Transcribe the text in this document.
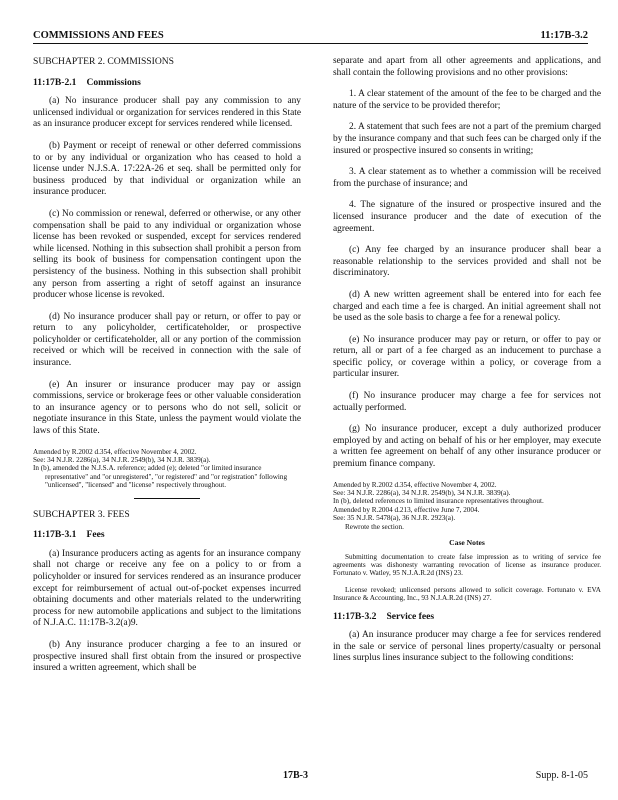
COMMISSIONS AND FEES	11:17B-3.2

SUBCHAPTER 2. COMMISSIONS

11:17B-2.1 Commissions

(a) No insurance producer shall pay any commission to any unlicensed individual or organization for services rendered in this State as an insurance producer except for services rendered while licensed.

(b) Payment or receipt of renewal or other deferred commissions to or by any individual or organization who has ceased to hold a license under N.J.S.A. 17:22A-26 et seq. shall be permitted only for business produced by that individual or organization while an insurance producer.

(c) No commission or renewal, deferred or otherwise, or any other compensation shall be paid to any individual or organization whose license has been revoked or suspended, except for services rendered while licensed. Nothing in this subsection shall prohibit a person from selling its book of business for compensation contingent upon the persistency of the business. Nothing in this subsection shall prohibit any person from asserting a right of setoff against an insurance producer whose license is revoked.

(d) No insurance producer shall pay or return, or offer to pay or return to any policyholder, certificateholder, or prospective policyholder or certificateholder, all or any portion of the commission received or which will be received in connection with the sale of insurance.

(e) An insurer or insurance producer may pay or assign commissions, service or brokerage fees or other valuable consideration to an insurance agency or to persons who do not sell, solicit or negotiate insurance in this State, unless the payment would violate the laws of this State.

Amended by R.2002 d.354, effective November 4, 2002.

See: 34 N.J.R. 2286(a), 34 N.J.R. 2549(b), 34 N.J.R. 3839(a).

In (b), amended the N.J.S.A. reference; added (e); deleted "or limited insurance representative" and "or unregistered", "or registered" and "or registration" following "unlicensed", "licensed" and "license" respectively throughout.

SUBCHAPTER 3. FEES

11:17B-3.1 Fees

(a) Insurance producers acting as agents for an insurance company shall not charge or receive any fee on a policy to or from a policyholder or insured for services rendered as an insurance producer except for reimbursement of actual out-of-pocket expenses incurred obtaining documents and other materials related to the underwriting process for new automobile applications and subject to the limitations of N.J.A.C. 11:17B-3.2(a)9.

(b) Any insurance producer charging a fee to an insured or prospective insured shall first obtain from the insured or prospective insured a written agreement, which shall be

separate and apart from all other agreements and applications, and shall contain the following provisions and no other provisions:

1. A clear statement of the amount of the fee to be charged and the nature of the service to be provided therefor;

2. A statement that such fees are not a part of the premium charged by the insurance company and that such fees can be charged only if the insured or prospective insured so consents in writing;

3. A clear statement as to whether a commission will be received from the purchase of insurance; and

4. The signature of the insured or prospective insured and the licensed insurance producer and the date of execution of the agreement.

(c) Any fee charged by an insurance producer shall bear a reasonable relationship to the services provided and shall not be discriminatory.

(d) A new written agreement shall be entered into for each fee charged and each time a fee is charged. An initial agreement shall not be used as the sole basis to charge a fee for a renewal policy.

(e) No insurance producer may pay or return, or offer to pay or return, all or part of a fee charged as an inducement to purchase a specific policy, or coverage within a policy, or coverage from a particular insurer.

(f) No insurance producer may charge a fee for services not actually performed.

(g) No insurance producer, except a duly authorized producer employed by and acting on behalf of his or her employer, may execute a written fee agreement on behalf of any other insurance producer or premium finance company.

Amended by R.2002 d.354, effective November 4, 2002.

See: 34 N.J.R. 2286(a), 34 N.J.R. 2549(b), 34 N.J.R. 3839(a).

In (b), deleted references to limited insurance representatives throughout.

Amended by R.2004 d.213, effective June 7, 2004.

See: 35 N.J.R. 5478(a), 36 N.J.R. 2923(a).

Rewrote the section.

Case Notes

Submitting documentation to create false impression as to writing of service fee agreements was dishonesty warranting revocation of license as insurance producer. Fortunato v. Watley, 95 N.J.A.R.2d (INS) 23.

License revoked; unlicensed persons allowed to solicit coverage. Fortunato v. EVA Insurance & Accounting, Inc., 93 N.J.A.R.2d (INS) 27.

11:17B-3.2 Service fees

(a) An insurance producer may charge a fee for services rendered in the sale or service of personal lines property/casualty or personal lines surplus lines insurance subject to the following conditions:

17B-3	Supp. 8-1-05
